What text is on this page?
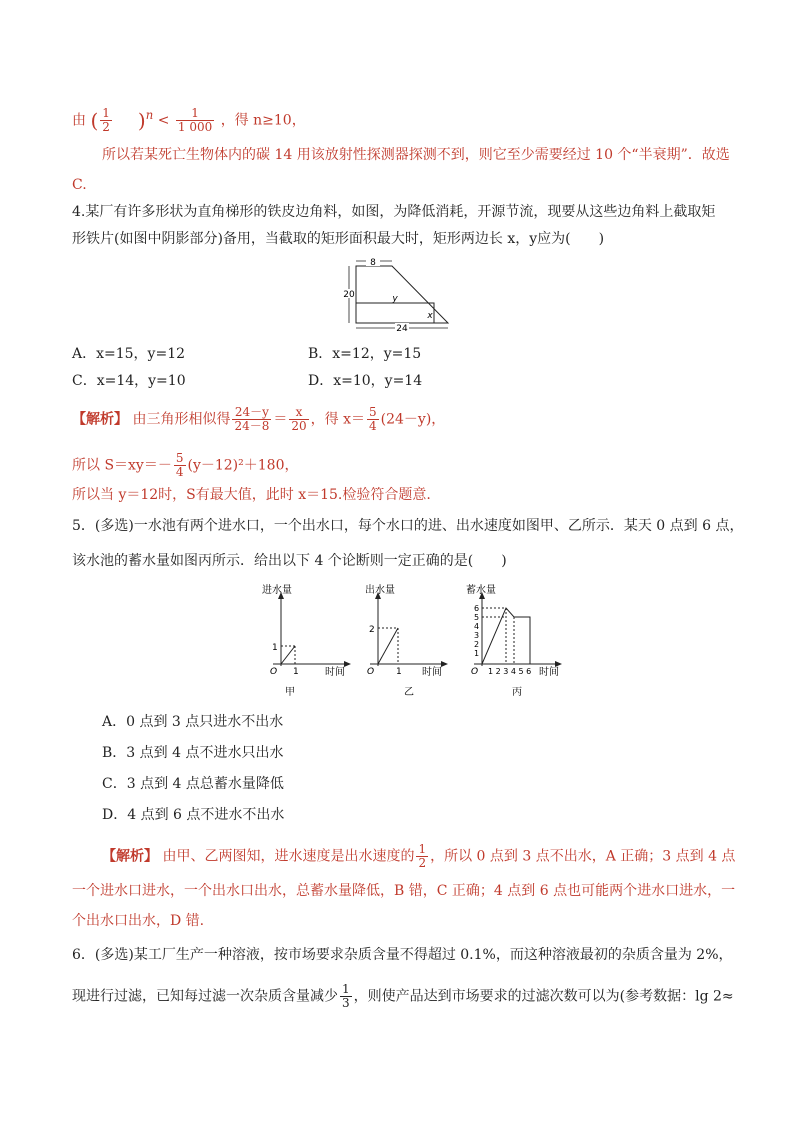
由 ( $\frac{1}{2} )^n < \frac{1}{1 000}$ ，得 n≥10，
所以若某死亡生物体内的碳 14 用该放射性探测器探测不到，则它至少需要经过 10 个“半衰期”．故选
C.
4.某厂有许多形状为直角梯形的铁皮边角料，如图，为降低消耗，开源节流，现要从这些边角料上截取矩
形铁片(如图中阴影部分)备用，当截取的矩形面积最大时，矩形两边长 x，y应为(　　)
8
20
24
y
x
A．x=15，y=12	B．x=12，y=15
C．x=14，y=10	D．x=10，y=14
【解析】 由三角形相似得 $\frac{24-y}{24-8} = \frac{x}{20}$ ，得 $x= \frac{5}{4} (24-y)$，
所以 $S=xy=- \frac{5}{4} (y-12)^2+180$，
所以当 y＝12时，S有最大值，此时 x＝15.检验符合题意.
5．(多选)一水池有两个进水口，一个出水口，每个水口的进、出水速度如图甲、乙所示．某天 0 点到 6 点，
该水池的蓄水量如图丙所示．给出以下 4 个论断则一定正确的是(　　)
进水量
1
1
O	时间
甲
出水量
2
1
O	时间
乙
蓄水量
6
5
4
3
2
1
O 1 2 3 4 5 6 时间
丙
A．0 点到 3 点只进水不出水
B．3 点到 4 点不进水只出水
C．3 点到 4 点总蓄水量降低
D．4 点到 6 点不进水不出水
【解析】 由甲、乙两图知，进水速度是出水速度的 $\frac{1}{2}$ ，所以 0 点到 3 点不出水，A 正确；3 点到 4 点
一个进水口进水，一个出水口出水，总蓄水量降低，B 错，C 正确；4 点到 6 点也可能两个进水口进水，一
个出水口出水，D 错.
6．(多选)某工厂生产一种溶液，按市场要求杂质含量不得超过 0.1%，而这种溶液最初的杂质含量为 2%，
现进行过滤，已知每过滤一次杂质含量减少 $\frac{1}{3}$ ，则使产品达到市场要求的过滤次数可以为(参考数据：lg 2≈
